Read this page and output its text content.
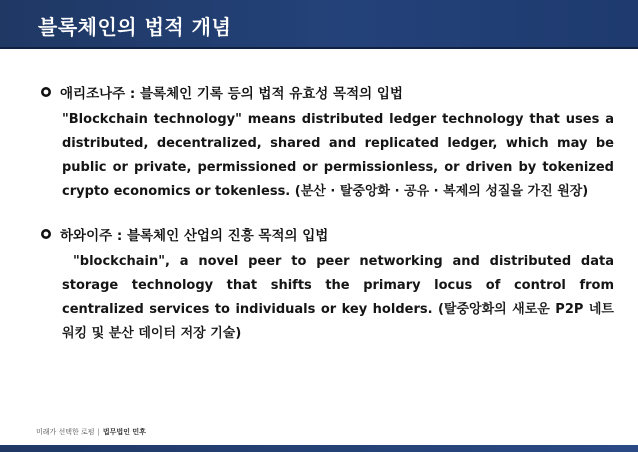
블록체인의 법적 개념
애리조나주 : 블록체인 기록 등의 법적 유효성 목적의 입법
"Blockchain technology" means distributed ledger technology that uses a distributed, decentralized, shared and replicated ledger, which may be public or private, permissioned or permissionless, or driven by tokenized crypto economics or tokenless. (분산 · 탈중앙화 · 공유 · 복제의 성질을 가진 원장)
하와이주 : 블록체인 산업의 진흥 목적의 입법
"blockchain", a novel peer to peer networking and distributed data storage technology that shifts the primary locus of control from centralized services to individuals or key holders. (탈중앙화의 새로운 P2P 네트워킹 및 분산 데이터 저장 기술)
미래가 선택한 로펌 | 법무법인 민후
